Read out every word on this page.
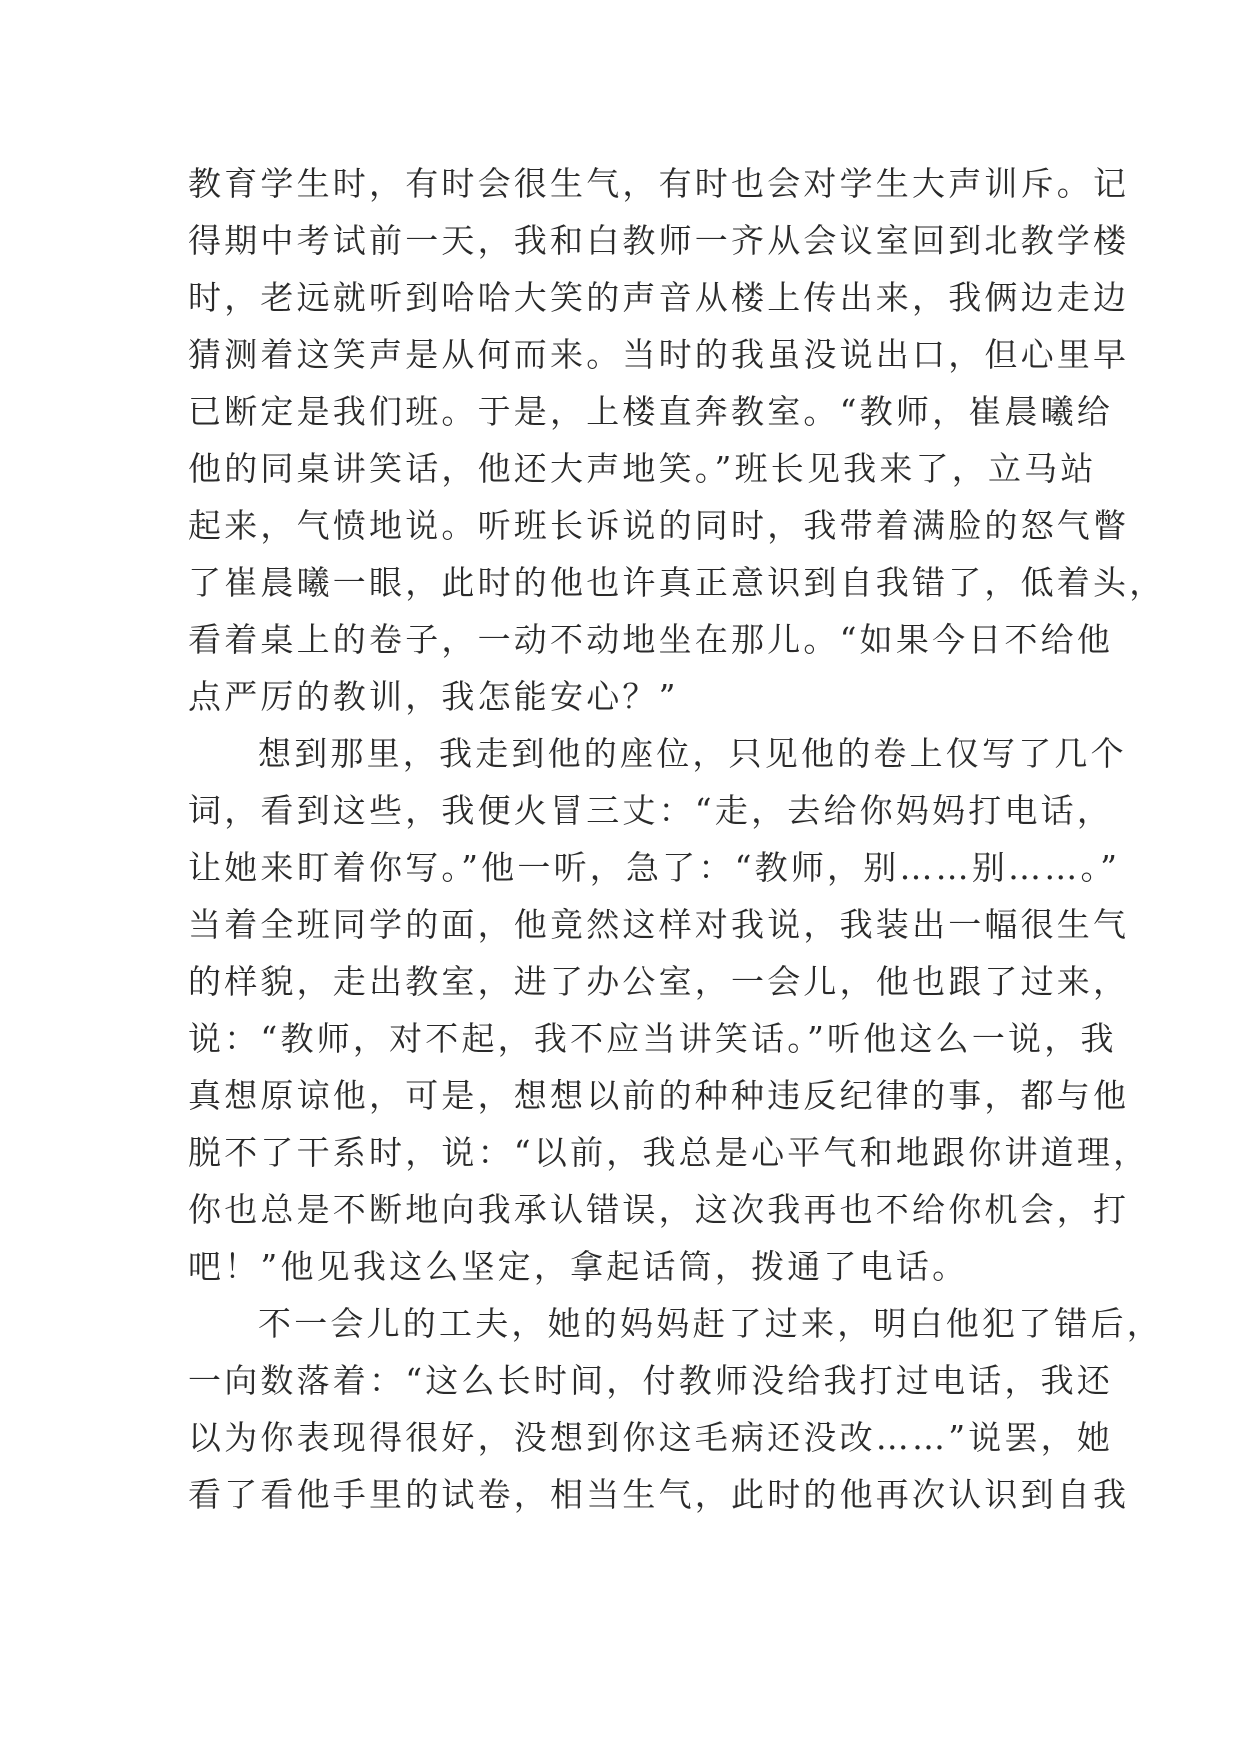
教育学生时，有时会很生气，有时也会对学生大声训斥。记
得期中考试前一天，我和白教师一齐从会议室回到北教学楼
时，老远就听到哈哈大笑的声音从楼上传出来，我俩边走边
猜测着这笑声是从何而来。当时的我虽没说出口，但心里早
已断定是我们班。于是，上楼直奔教室。“教师，崔晨曦给
他的同桌讲笑话，他还大声地笑。”班长见我来了，立马站
起来，气愤地说。听班长诉说的同时，我带着满脸的怒气瞥
了崔晨曦一眼，此时的他也许真正意识到自我错了，低着头，
看着桌上的卷子，一动不动地坐在那儿。“如果今日不给他
点严厉的教训，我怎能安心？”
想到那里，我走到他的座位，只见他的卷上仅写了几个
词，看到这些，我便火冒三丈：“走，去给你妈妈打电话，
让她来盯着你写。”他一听，急了：“教师，别……别……。”
当着全班同学的面，他竟然这样对我说，我装出一幅很生气
的样貌，走出教室，进了办公室，一会儿，他也跟了过来，
说：“教师，对不起，我不应当讲笑话。”听他这么一说，我
真想原谅他，可是，想想以前的种种违反纪律的事，都与他
脱不了干系时，说：“以前，我总是心平气和地跟你讲道理，
你也总是不断地向我承认错误，这次我再也不给你机会，打
吧！”他见我这么坚定，拿起话筒，拨通了电话。
不一会儿的工夫，她的妈妈赶了过来，明白他犯了错后，
一向数落着：“这么长时间，付教师没给我打过电话，我还
以为你表现得很好，没想到你这毛病还没改……”说罢，她
看了看他手里的试卷，相当生气，此时的他再次认识到自我
